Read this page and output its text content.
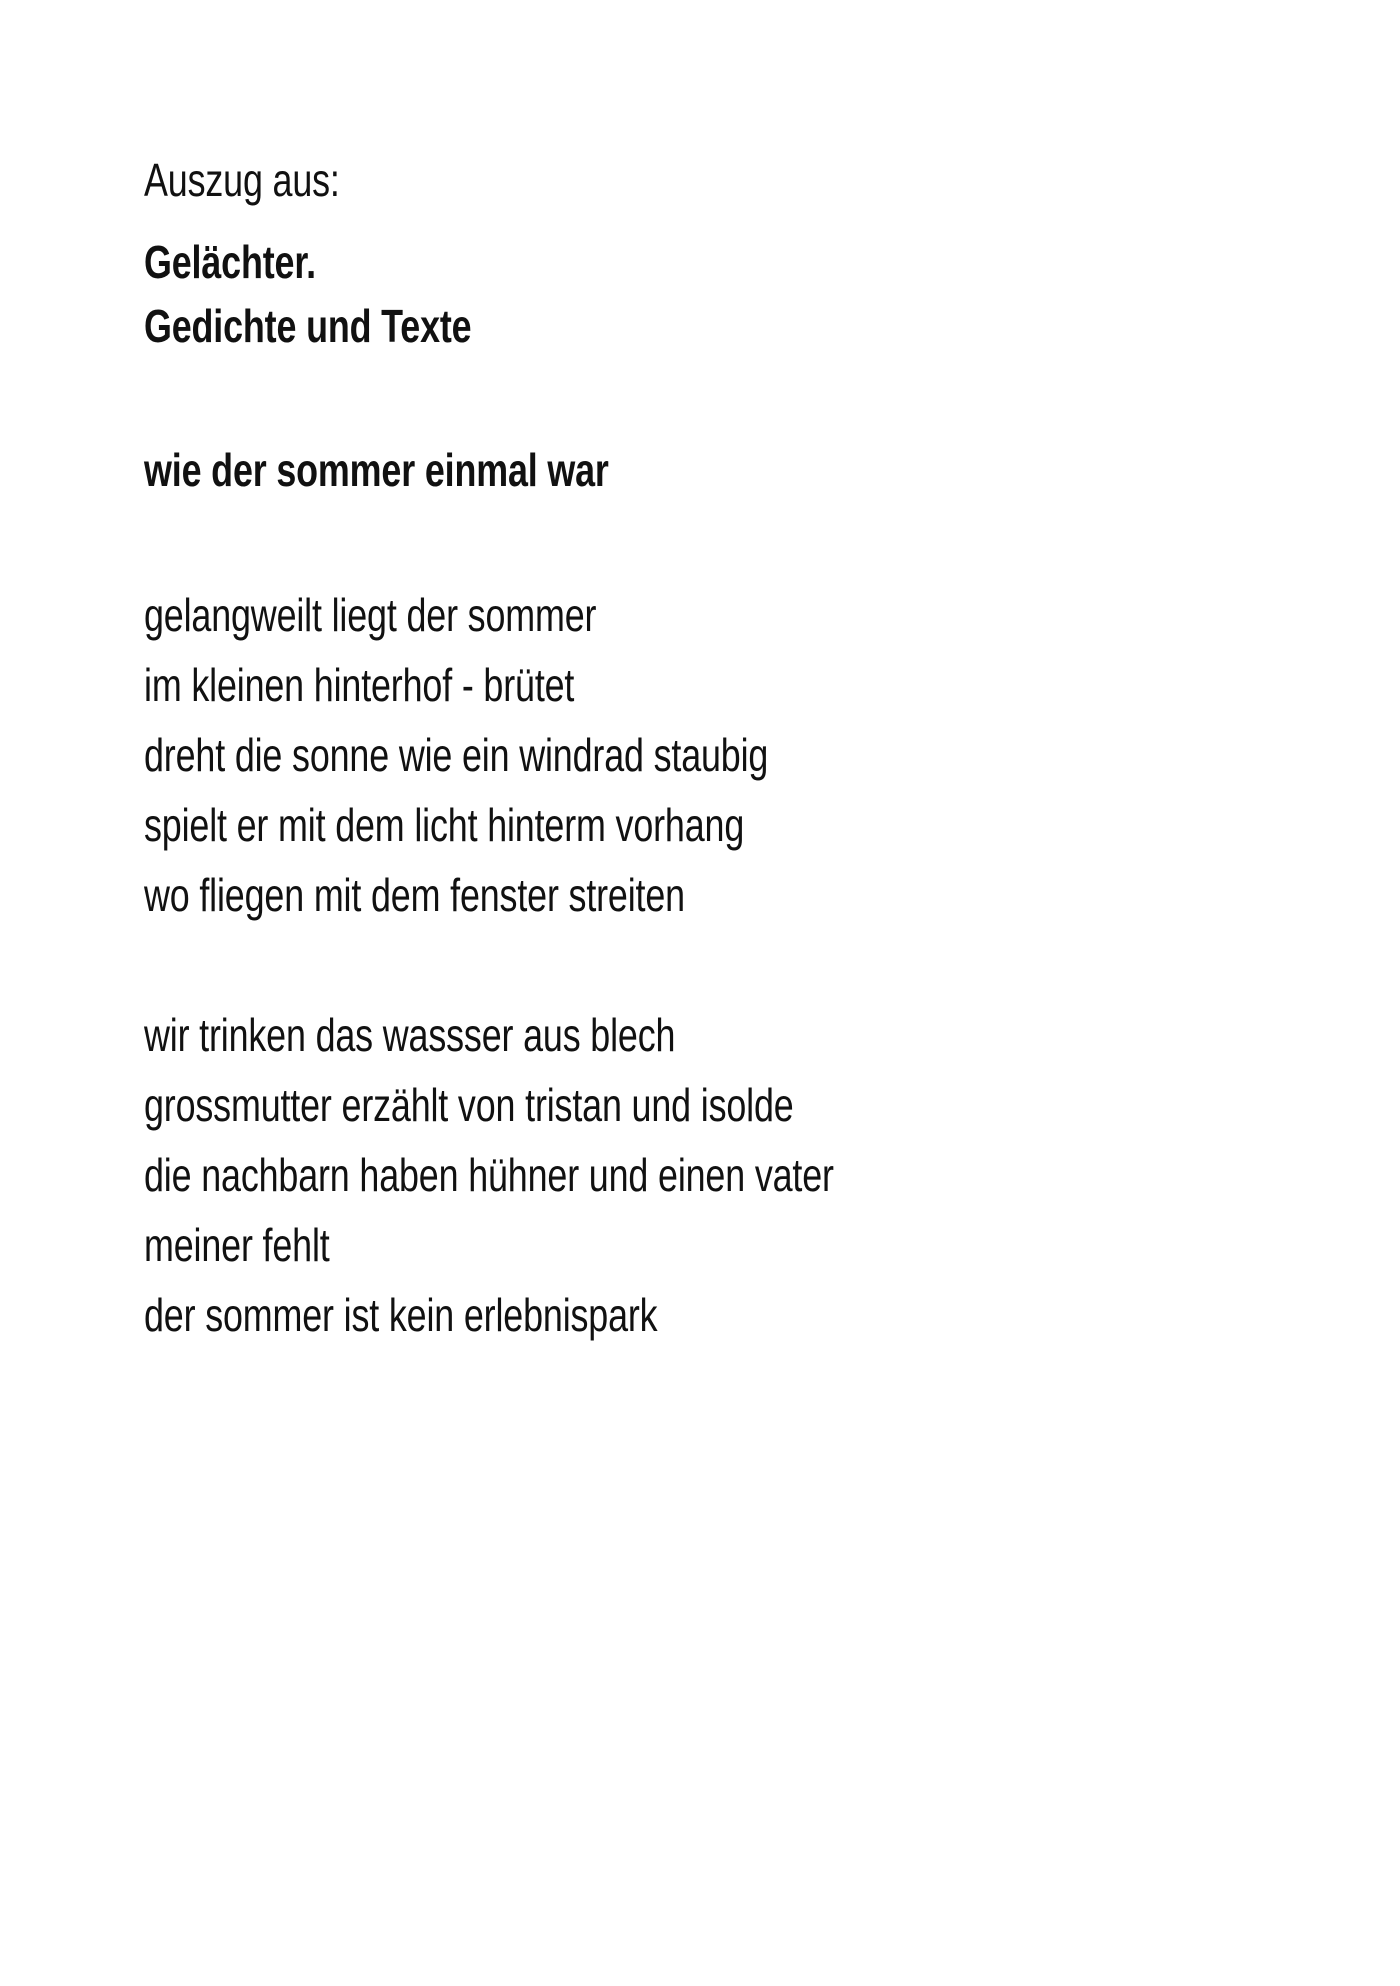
Auszug aus:
Gelächter.
Gedichte und Texte
wie der sommer einmal war
gelangweilt liegt der sommer
im kleinen hinterhof - brütet
dreht die sonne wie ein windrad staubig
spielt er mit dem licht hinterm vorhang
wo fliegen mit dem fenster streiten
wir trinken das wassser aus blech
grossmutter erzählt von tristan und isolde
die nachbarn haben hühner und einen vater
meiner fehlt
der sommer ist kein erlebnispark
